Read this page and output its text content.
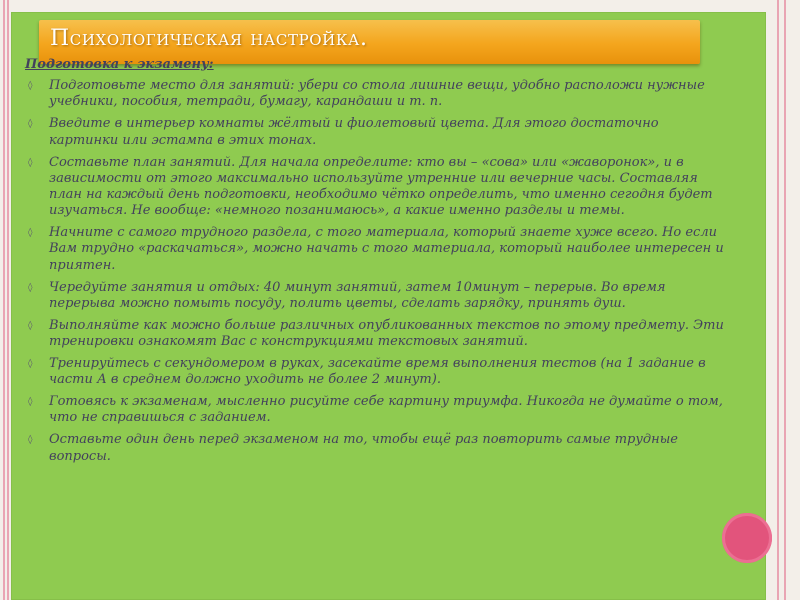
Психологическая настройка.
Подготовка к экзамену:
◊ Подготовьте место для занятий: убери со стола лишние вещи, удобно расположи нужные учебники, пособия, тетради, бумагу, карандаши и т. п.
◊ Введите в интерьер комнаты жёлтый и фиолетовый цвета. Для этого достаточно картинки или эстампа в этих тонах.
◊ Составьте план занятий. Для начала определите: кто вы – «сова» или «жаворонок», и в зависимости от этого максимально используйте утренние или вечерние часы. Составляя план на каждый день подготовки, необходимо чётко определить, что именно сегодня будет изучаться. Не вообще: «немного позанимаюсь», а какие именно разделы и темы.
◊ Начните с самого трудного раздела, с того материала, который знаете хуже всего. Но если Вам трудно «раскачаться», можно начать с того материала, который наиболее интересен и приятен.
◊ Чередуйте занятия и отдых: 40 минут занятий, затем 10минут – перерыв. Во время перерыва можно помыть посуду, полить цветы, сделать зарядку, принять душ.
◊ Выполняйте как можно больше различных опубликованных текстов по этому предмету. Эти тренировки ознакомят Вас с конструкциями текстовых занятий.
◊ Тренируйтесь с секундомером в руках, засекайте время выполнения тестов (на 1 задание в части А в среднем должно уходить не более 2 минут).
◊ Готовясь к экзаменам, мысленно рисуйте себе картину триумфа. Никогда не думайте о том, что не справишься с заданием.
◊ Оставьте один день перед экзаменом на то, чтобы ещё раз повторить самые трудные вопросы.
